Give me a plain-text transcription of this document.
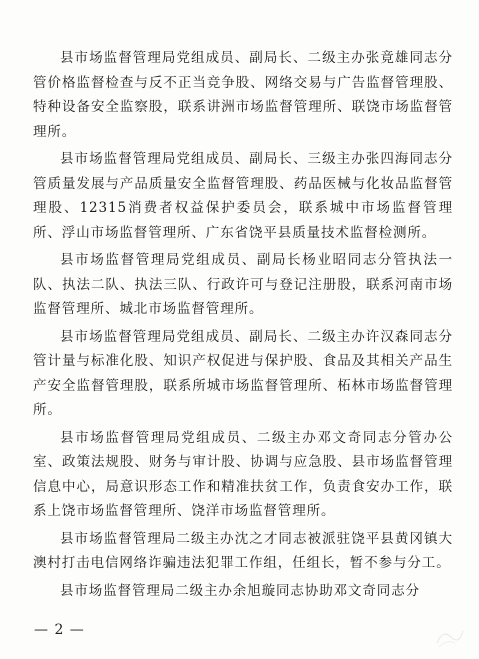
县市场监督管理局党组成员、副局长、二级主办张竟雄同志分管价格监督检查与反不正当竞争股、网络交易与广告监督管理股、特种设备安全监察股，联系讲洲市场监督管理所、联饶市场监督管理所。

县市场监督管理局党组成员、副局长、三级主办张四海同志分管质量发展与产品质量安全监督管理股、药品医械与化妆品监督管理股、12315消费者权益保护委员会，联系城中市场监督管理所、浮山市场监督管理所、广东省饶平县质量技术监督检测所。

县市场监督管理局党组成员、副局长杨业昭同志分管执法一队、执法二队、执法三队、行政许可与登记注册股，联系河南市场监督管理所、城北市场监督管理所。

县市场监督管理局党组成员、副局长、二级主办许汉森同志分管计量与标准化股、知识产权促进与保护股、食品及其相关产品生产安全监督管理股，联系所城市场监督管理所、柘林市场监督管理所。

县市场监督管理局党组成员、二级主办邓文奇同志分管办公室、政策法规股、财务与审计股、协调与应急股、县市场监督管理信息中心，局意识形态工作和精准扶贫工作，负责食安办工作，联系上饶市场监督管理所、饶洋市场监督管理所。

县市场监督管理局二级主办沈之才同志被派驻饶平县黄冈镇大澳村打击电信网络诈骗违法犯罪工作组，任组长，暂不参与分工。

县市场监督管理局二级主办余旭璇同志协助邓文奇同志分

— 2 —
